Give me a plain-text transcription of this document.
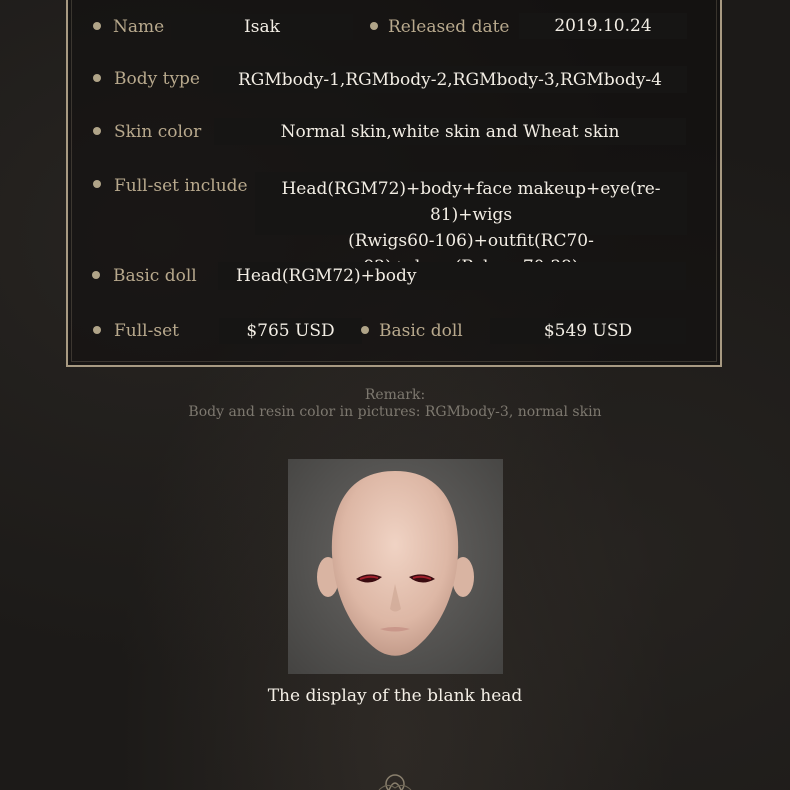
Name	Isak	Released date	2019.10.24
Body type	RGMbody-1,RGMbody-2,RGMbody-3,RGMbody-4
Skin color	Normal skin,white skin and Wheat skin
Full-set include	Head(RGM72)+body+face makeup+eye(re-81)+wigs
(Rwigs60-106)+outfit(RC70-
Basic doll	Head(RGM72)+body
Full-set	$765 USD	Basic doll	$549 USD
Remark:
Body and resin color in pictures: RGMbody-3, normal skin
The display of the blank head
